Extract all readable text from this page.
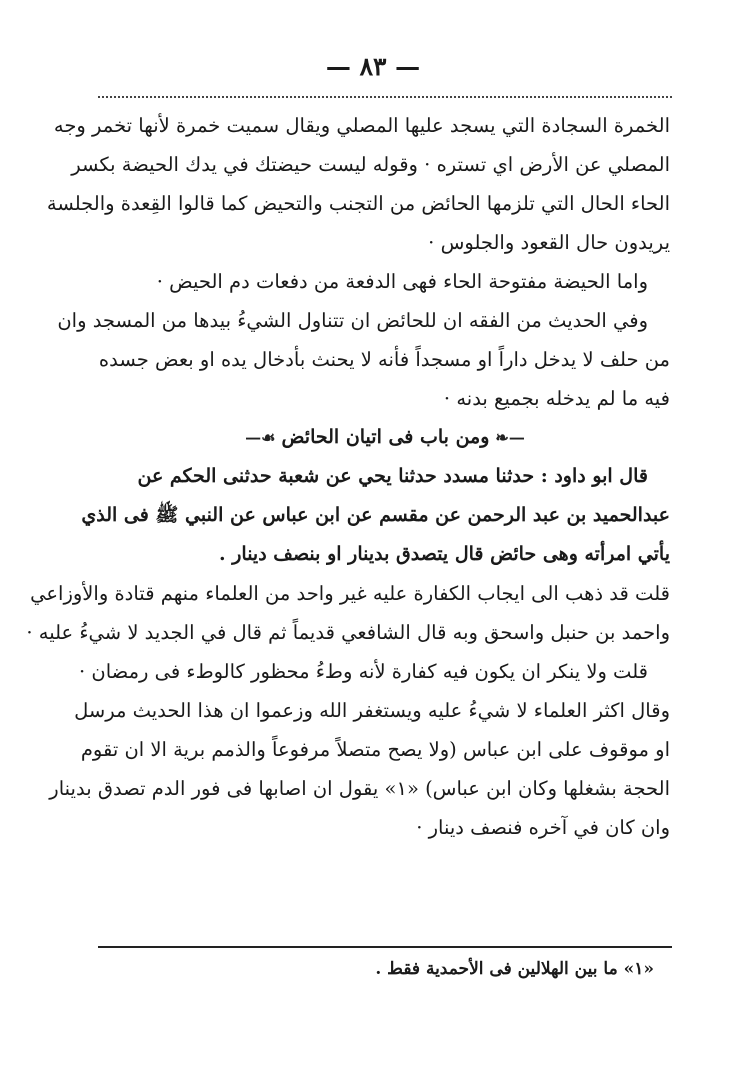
— ٨٣ —
الخمرة السجادة التي يسجد عليها المصلي ويقال سميت خمرة لأنها تخمر وجه
المصلي عن الأرض اي تستره · وقوله ليست حيضتك في يدك الحيضة بكسر
الحاء الحال التي تلزمها الحائض من التجنب والتحيض كما قالوا القِعدة والجلسة
يريدون حال القعود والجلوس ·
واما الحيضة مفتوحة الحاء فهى الدفعة من دفعات دم الحيض ·
وفي الحديث من الفقه ان للحائض ان تتناول الشيءُ بيدها من المسجد وان
من حلف لا يدخل داراً او مسجداً فأنه لا يحنث بأدخال يده او بعض جسده
فيه ما لم يدخله بجميع بدنه ·
—❧ومن باب فى اتيان الحائض☙—
قال ابو داود : حدثنا مسدد حدثنا يحي عن شعبة حدثنى الحكم عن
عبدالحميد بن عبد الرحمن عن مقسم عن ابن عباس عن النبي ﷺ فى الذي
يأتي امرأته وهى حائض قال يتصدق بدينار او بنصف دينار .
قلت قد ذهب الى ايجاب الكفارة عليه غير واحد من العلماء منهم قتادة والأوزاعي
واحمد بن حنبل واسحق وبه قال الشافعي قديماً ثم قال في الجديد لا شيءُ عليه ·
قلت ولا ينكر ان يكون فيه كفارة لأنه وطءُ محظور كالوطء فى رمضان ·
وقال اكثر العلماء لا شيءُ عليه ويستغفر الله وزعموا ان هذا الحديث مرسل
او موقوف على ابن عباس (ولا يصح متصلاً مرفوعاً والذمم برية الا ان تقوم
الحجة بشغلها وكان ابن عباس) «١» يقول ان اصابها فى فور الدم تصدق بدينار
وان كان في آخره فنصف دينار ·
«١» ما بين الهلالين فى الأحمدية فقط .
